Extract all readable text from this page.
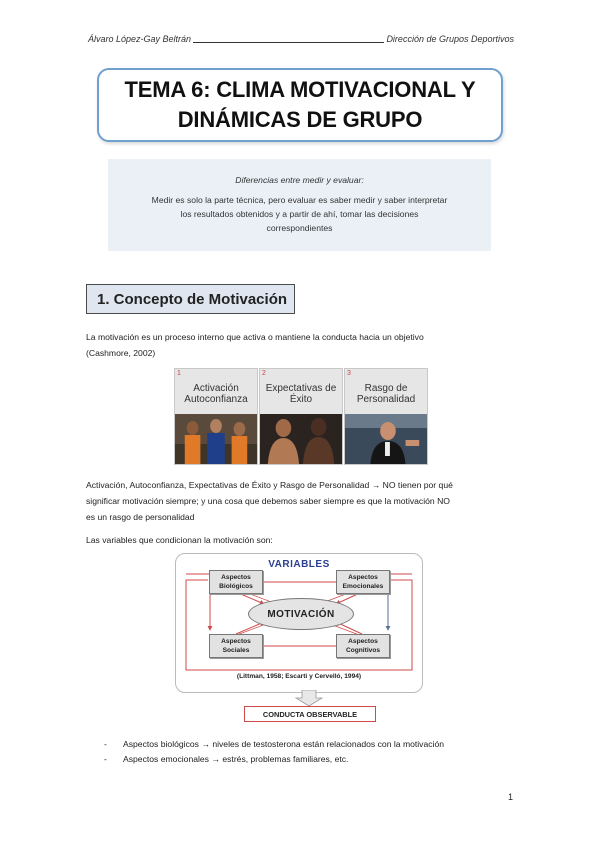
Álvaro López-Gay Beltrán	Dirección de Grupos Deportivos
TEMA 6: CLIMA MOTIVACIONAL Y
DINÁMICAS DE GRUPO
Diferencias entre medir y evaluar:
Medir es solo la parte técnica, pero evaluar es saber medir y saber interpretar
los resultados obtenidos y a partir de ahí, tomar las decisiones
correspondientes
1. Concepto de Motivación
La motivación es un proceso interno que activa o mantiene la conducta hacia un objetivo
(Cashmore, 2002)
1
Activación
Autoconfianza
2
Expectativas de
Éxito
3
Rasgo de
Personalidad
Activación, Autoconfianza, Expectativas de Éxito y Rasgo de Personalidad → NO tienen por qué
significar motivación siempre; y una cosa que debemos saber siempre es que la motivación NO
es un rasgo de personalidad
Las variables que condicionan la motivación son:
VARIABLES
Aspectos
Biológicos
Aspectos
Emocionales
MOTIVACIÓN
Aspectos
Sociales
Aspectos
Cognitivos
(Littman, 1958; Escartí y Cervelló, 1994)
CONDUCTA OBSERVABLE
- Aspectos biológicos → niveles de testosterona están relacionados con la motivación
- Aspectos emocionales → estrés, problemas familiares, etc.
1
